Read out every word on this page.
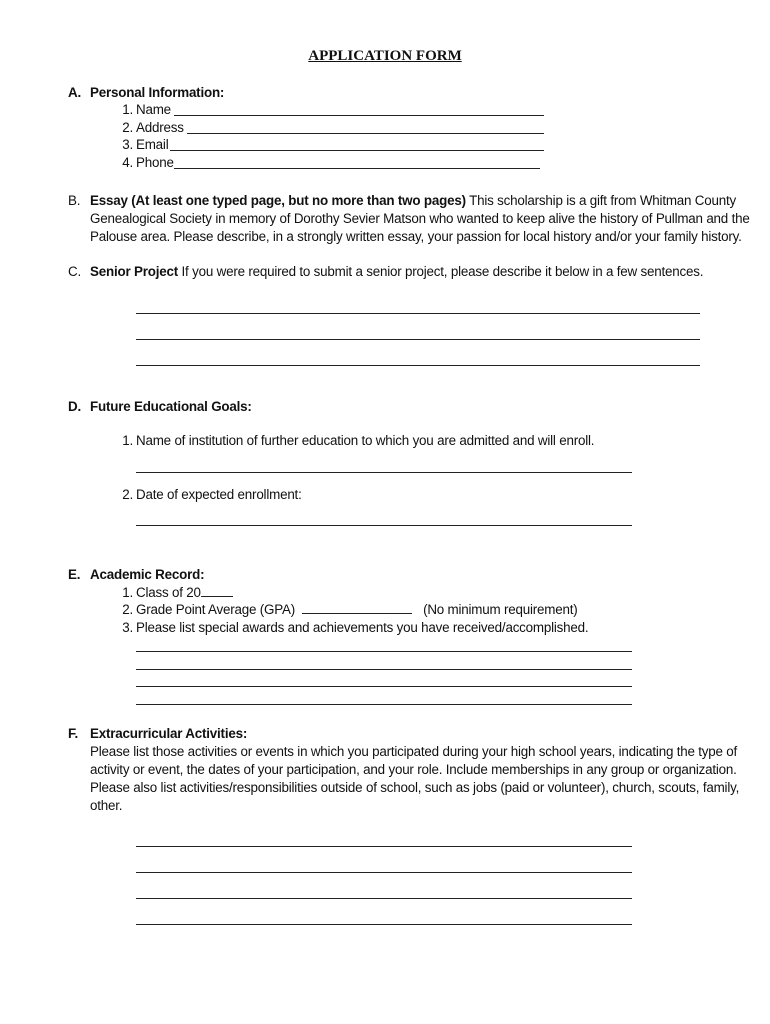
APPLICATION FORM
A. Personal Information:
1. Name
2. Address
3. Email
4. Phone
B. Essay (At least one typed page, but no more than two pages) This scholarship is a gift from Whitman County
Genealogical Society in memory of Dorothy Sevier Matson who wanted to keep alive the history of Pullman and the
Palouse area. Please describe, in a strongly written essay, your passion for local history and/or your family history.
C. Senior Project If you were required to submit a senior project, please describe it below in a few sentences.
D. Future Educational Goals:
1. Name of institution of further education to which you are admitted and will enroll.
2. Date of expected enrollment:
E. Academic Record:
1. Class of 20
2. Grade Point Average (GPA)	(No minimum requirement)
3. Please list special awards and achievements you have received/accomplished.
F. Extracurricular Activities:
Please list those activities or events in which you participated during your high school years, indicating the type of
activity or event, the dates of your participation, and your role. Include memberships in any group or organization.
Please also list activities/responsibilities outside of school, such as jobs (paid or volunteer), church, scouts, family,
other.
